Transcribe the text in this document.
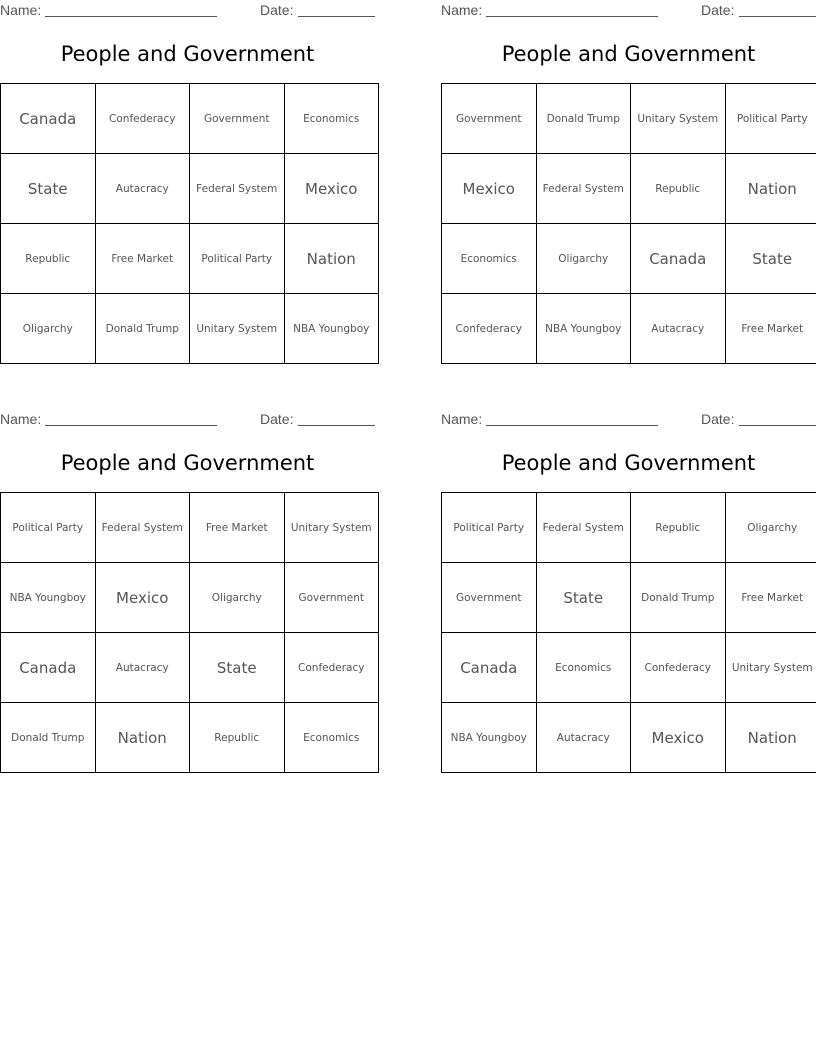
Name:	Date:
People and Government
Canada	Confederacy	Government	Economics
State	Autacracy	Federal System	Mexico
Republic	Free Market	Political Party	Nation
Oligarchy	Donald Trump	Unitary System	NBA Youngboy
Name:	Date:
People and Government
Government	Donald Trump	Unitary System	Political Party
Mexico	Federal System	Republic	Nation
Economics	Oligarchy	Canada	State
Confederacy	NBA Youngboy	Autacracy	Free Market
Name:	Date:
People and Government
Political Party	Federal System	Free Market	Unitary System
NBA Youngboy	Mexico	Oligarchy	Government
Canada	Autacracy	State	Confederacy
Donald Trump	Nation	Republic	Economics
Name:	Date:
People and Government
Political Party	Federal System	Republic	Oligarchy
Government	State	Donald Trump	Free Market
Canada	Economics	Confederacy	Unitary System
NBA Youngboy	Autacracy	Mexico	Nation
